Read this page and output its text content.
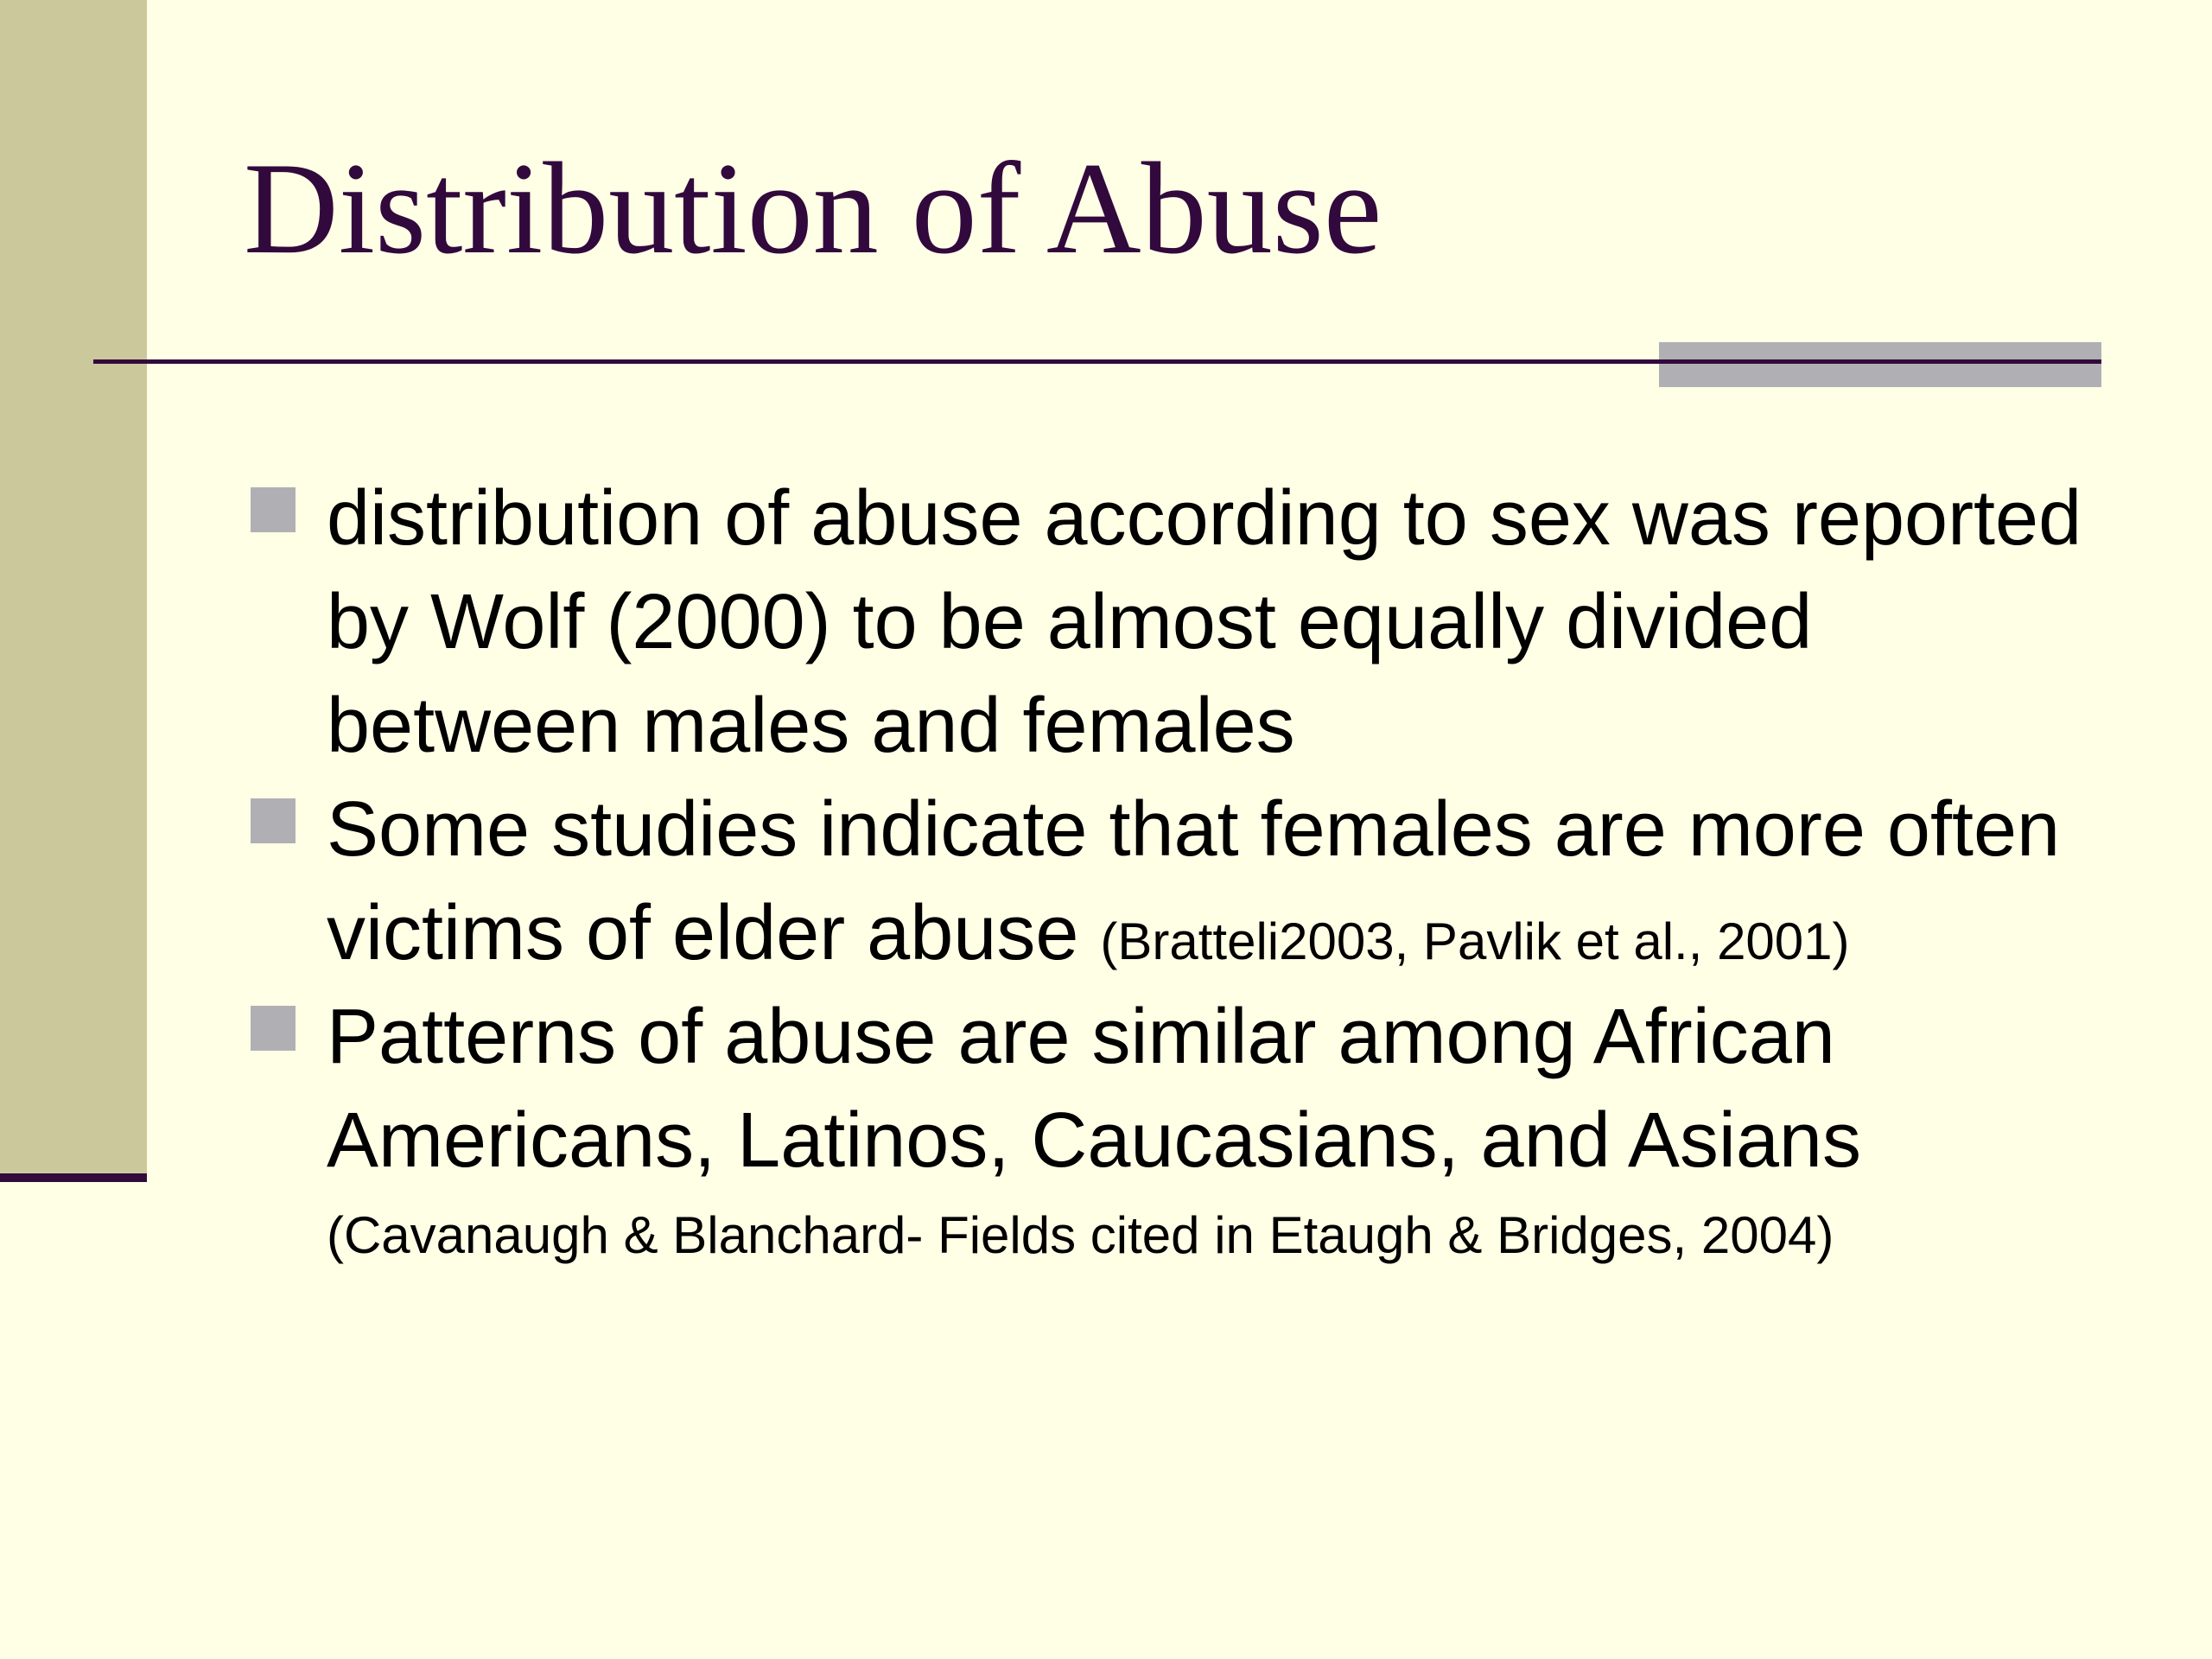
Distribution of Abuse
distribution of abuse according to sex was reported by Wolf (2000) to be almost equally divided between males and females
Some studies indicate that females are more often victims of elder abuse (Bratteli2003, Pavlik et al., 2001)
Patterns of abuse are similar among African Americans, Latinos, Caucasians, and Asians
(Cavanaugh & Blanchard- Fields cited in Etaugh & Bridges, 2004)
